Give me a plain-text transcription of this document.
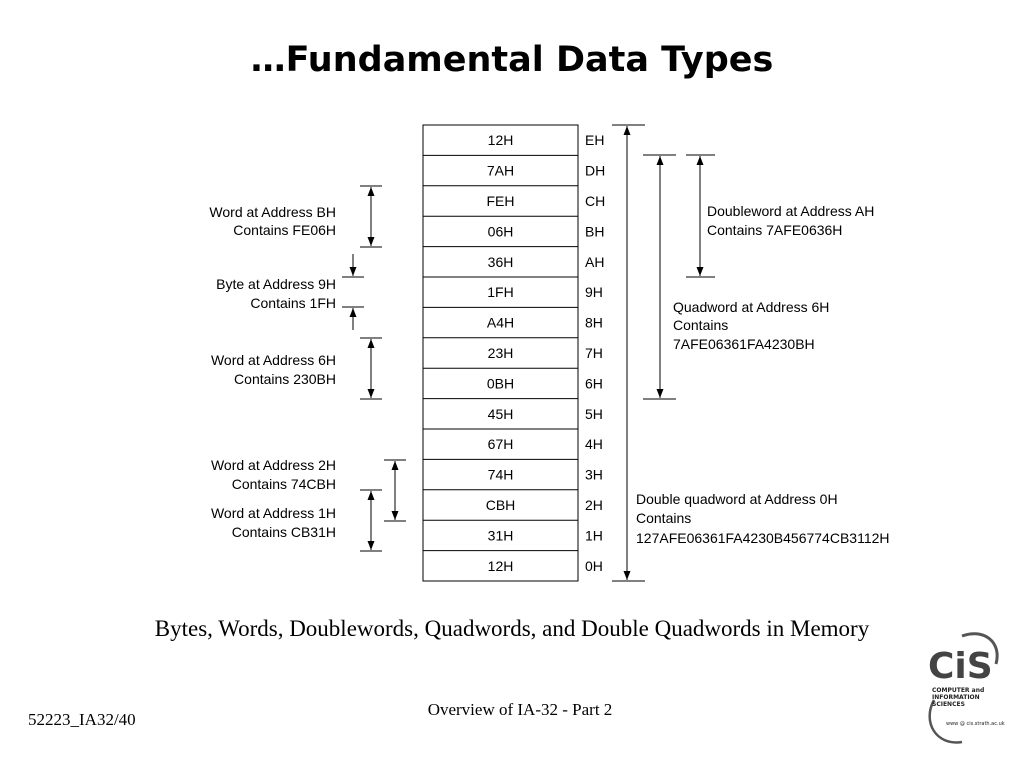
…Fundamental Data Types
12H	EH
7AH	DH
FEH	CH
06H	BH
36H	AH
1FH	9H
A4H	8H
23H	7H
0BH	6H
45H	5H
67H	4H
74H	3H
CBH	2H
31H	1H
12H	0H
Word at Address BH
Contains FE06H
Byte at Address 9H
Contains 1FH
Word at Address 6H
Contains 230BH
Word at Address 2H
Contains 74CBH
Word at Address 1H
Contains CB31H
Doubleword at Address AH
Contains 7AFE0636H
Quadword at Address 6H
Contains
7AFE06361FA4230BH
Double quadword at Address 0H
Contains
127AFE06361FA4230B456774CB3112H
Bytes, Words, Doublewords, Quadwords, and Double Quadwords in Memory
Overview of IA-32 - Part 2
52223_IA32/40
CiS
COMPUTER and
INFORMATION
SCIENCES
www @ cis.strath.ac.uk
